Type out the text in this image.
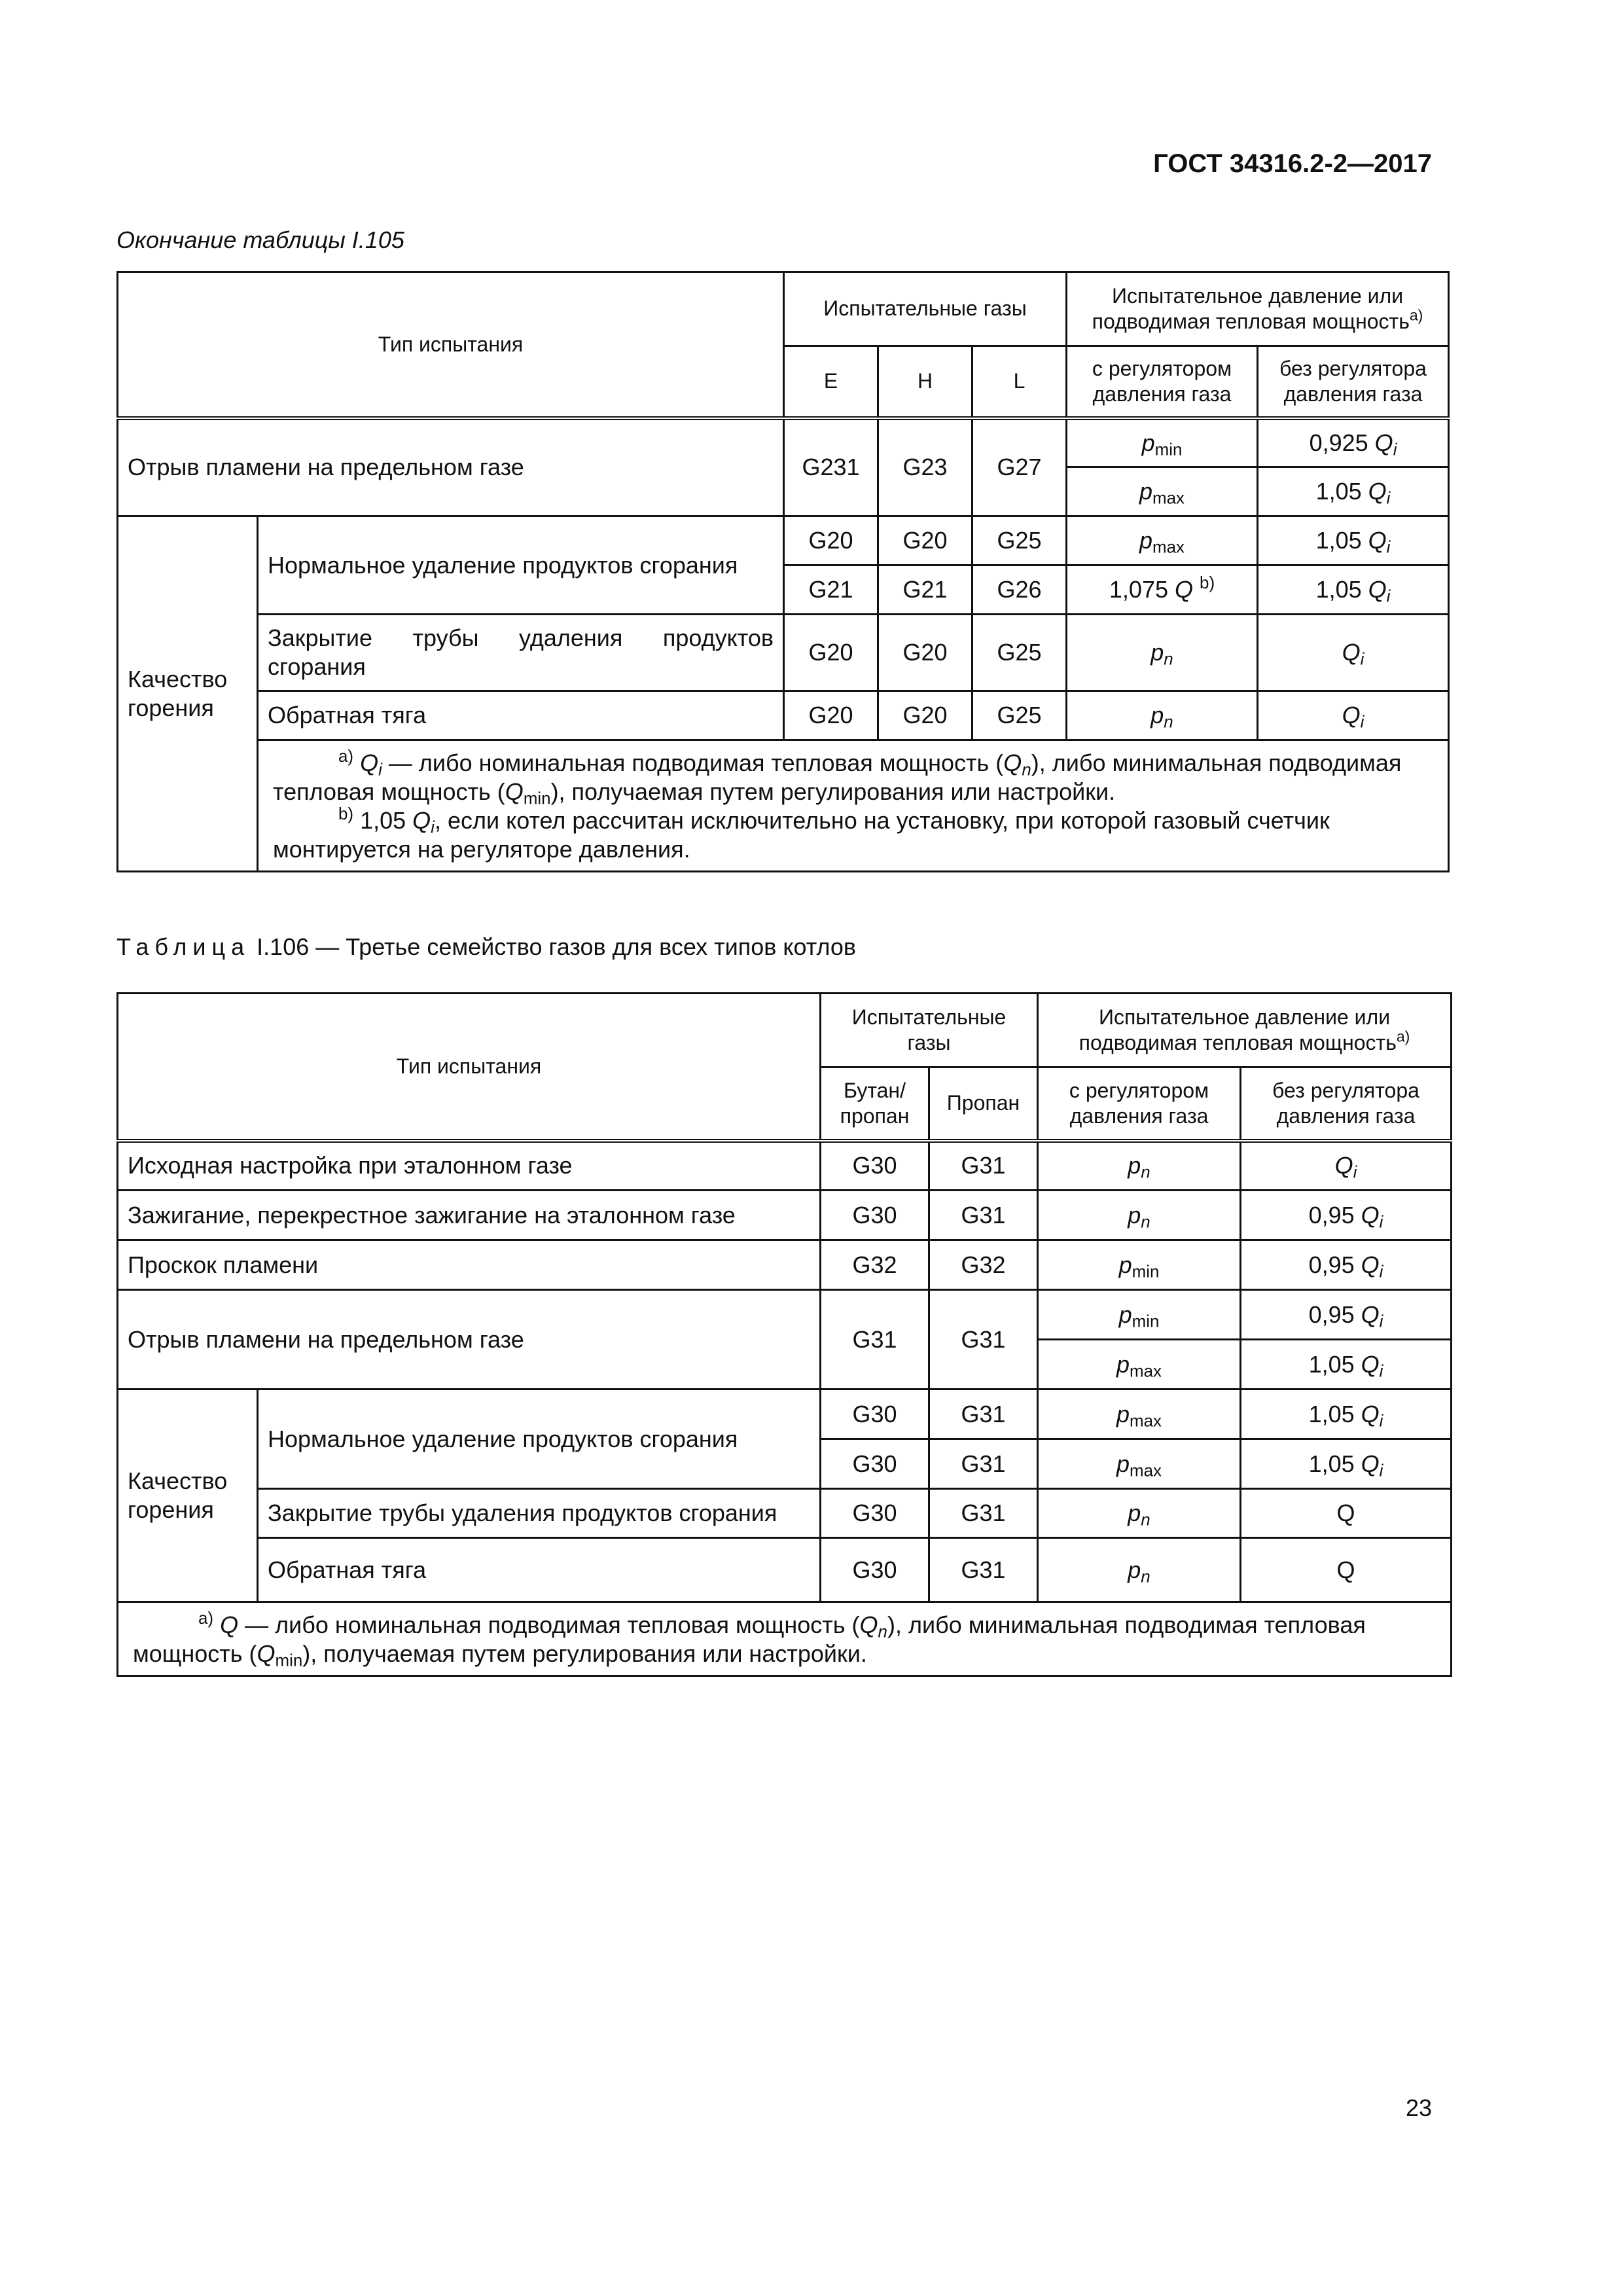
ГОСТ 34316.2-2—2017
Окончание таблицы I.105
Тип испытания		Испытательные газы			Испытательное давление или подводимая тепловая мощность$^{a)}$
		E	H	L	с регулятором давления газа	без регулятора давления газа
Отрыв пламени на предельном газе		G231	G23	G27	$p_{min}$	0,925 $Q_i$
					$p_{max}$	1,05 $Q_i$
Качество горения	Нормальное удаление продуктов сгорания	G20	G20	G25	$p_{max}$	1,05 $Q_i$
		G21	G21	G26	1,075 Q $^{b)}$	1,05 $Q_i$
	Закрытие трубы удаления продуктов сгорания	G20	G20	G25	$p_n$	$Q_i$
	Обратная тяга	G20	G20	G25	$p_n$	$Q_i$

	$^{a)}$ $Q_i$ — либо номинальная подводимая тепловая мощность $(Q_n)$, либо минимальная подводимая тепловая мощность $(Q_{min})$, получаемая путем регулирования или настройки.
$^{b)}$ 1,05 $Q_i$, если котел рассчитан исключительно на установку, при которой газовый счетчик монтируется на регуляторе давления.					
Таблица I.106 — Третье семейство газов для всех типов котлов
Тип испытания		Испытательные газы		Испытательное давление или подводимая тепловая мощность$^{a)}$
		Бутан/ пропан	Пропан	с регулятором давления газа	без регулятора давления газа
Исходная настройка при эталонном газе		G30	G31	$p_n$	$Q_i$
Зажигание, перекрестное зажигание на эталонном газе		G30	G31	$p_n$	0,95 $Q_i$
Проскок пламени		G32	G32	$p_{min}$	0,95 $Q_i$
Отрыв пламени на предельном газе		G31	G31	$p_{min}$	0,95 $Q_i$
				$p_{max}$	1,05 $Q_i$
Качество горения	Нормальное удаление продуктов сгорания	G30	G31	$p_{max}$	1,05 $Q_i$
		G30	G31	$p_{max}$	1,05 $Q_i$
	Закрытие трубы удаления продуктов сгорания	G30	G31	$p_n$	Q
	Обратная тяга	G30	G31	$p_n$	Q

$^{a)}$ Q — либо номинальная подводимая тепловая мощность $(Q_n)$, либо минимальная подводимая тепловая мощность $(Q_{min})$, получаемая путем регулирования или настройки.					
23
